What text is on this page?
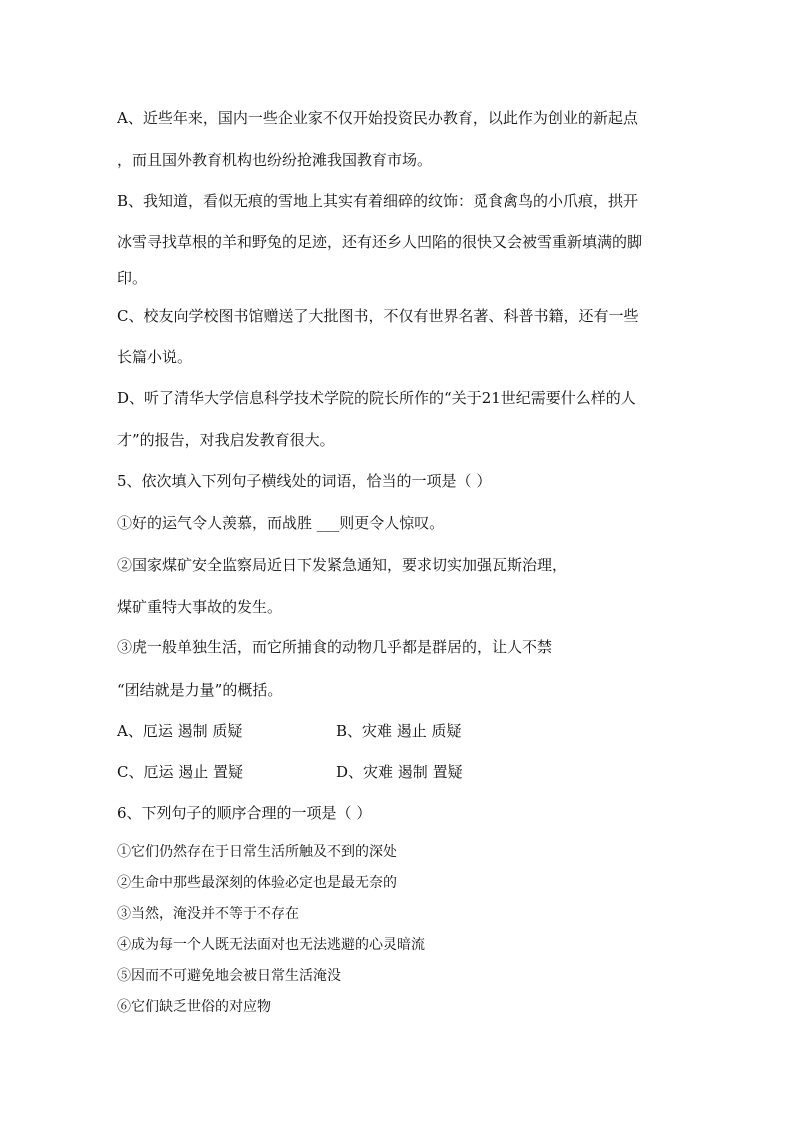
A、近些年来，国内一些企业家不仅开始投资民办教育，以此作为创业的新起点
，而且国外教育机构也纷纷抢滩我国教育市场。
B、我知道，看似无痕的雪地上其实有着细碎的纹饰：觅食禽鸟的小爪痕，拱开
冰雪寻找草根的羊和野兔的足迹，还有还乡人凹陷的很快又会被雪重新填满的脚
印。
C、校友向学校图书馆赠送了大批图书，不仅有世界名著、科普书籍，还有一些
长篇小说。
D、听了清华大学信息科学技术学院的院长所作的“关于21世纪需要什么样的人
才”的报告，对我启发教育很大。
5、依次填入下列句子横线处的词语，恰当的一项是（ ）
①好的运气令人羡慕，而战胜 ___则更令人惊叹。
②国家煤矿安全监察局近日下发紧急通知，要求切实加强瓦斯治理，
煤矿重特大事故的发生。
③虎一般单独生活，而它所捕食的动物几乎都是群居的，让人不禁
“团结就是力量”的概括。
A、厄运 遏制 质疑	B、灾难 遏止 质疑
C、厄运 遏止 置疑	D、灾难 遏制 置疑
6、下列句子的顺序合理的一项是（ ）
①它们仍然存在于日常生活所触及不到的深处
②生命中那些最深刻的体验必定也是最无奈的
③当然，淹没并不等于不存在
④成为每一个人既无法面对也无法逃避的心灵暗流
⑤因而不可避免地会被日常生活淹没
⑥它们缺乏世俗的对应物
